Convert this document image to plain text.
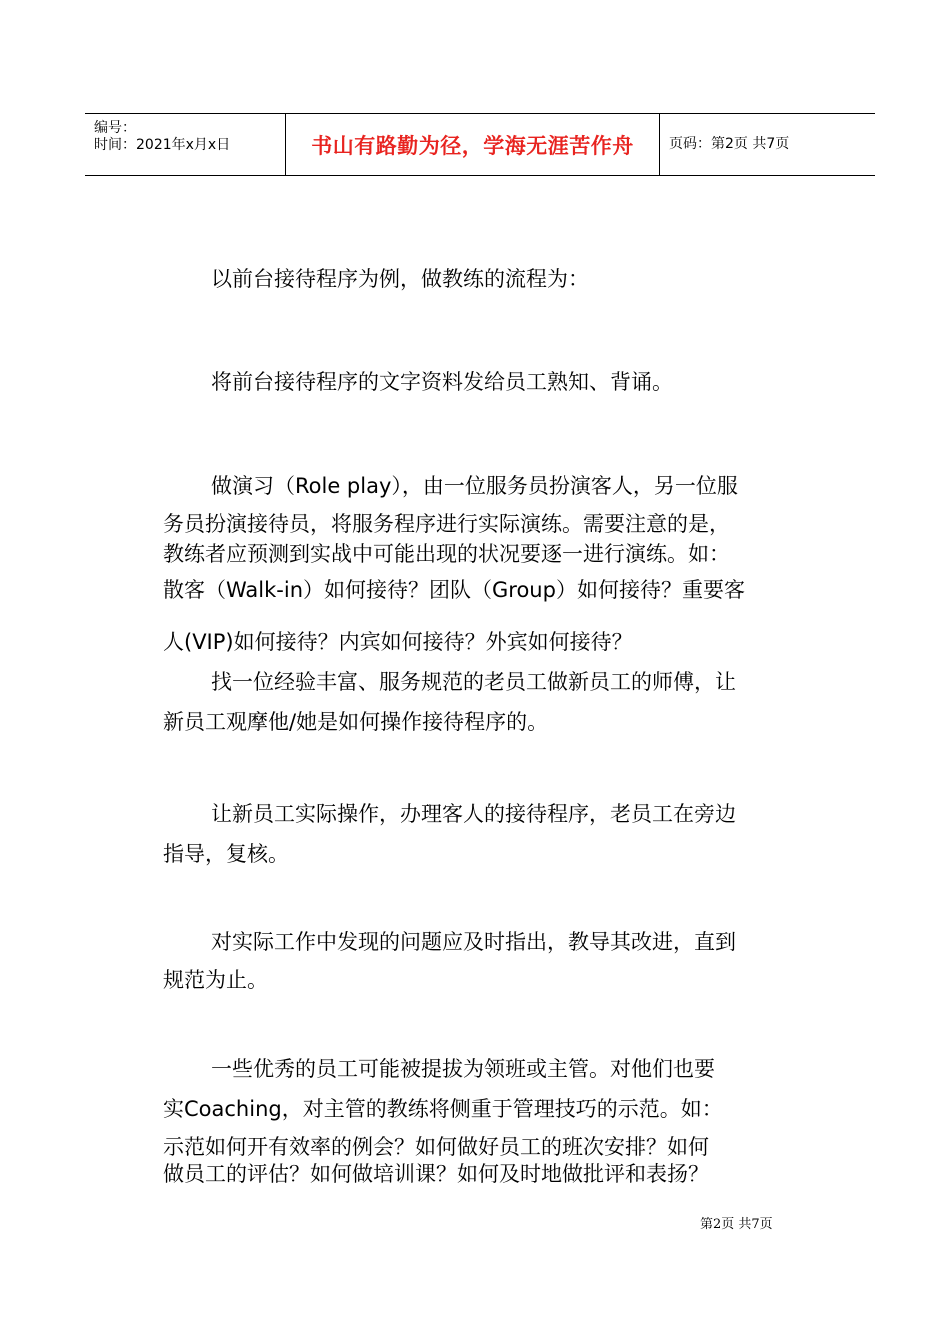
编号：
时间：2021年x月x日	书山有路勤为径，学海无涯苦作舟	页码：第2页 共7页
以前台接待程序为例，做教练的流程为：
将前台接待程序的文字资料发给员工熟知、背诵。
做演习（Role play），由一位服务员扮演客人，另一位服
务员扮演接待员，将服务程序进行实际演练。需要注意的是，
教练者应预测到实战中可能出现的状况要逐一进行演练。如：
散客（Walk-in）如何接待？团队（Group）如何接待？重要客
人(VIP)如何接待？内宾如何接待？外宾如何接待？
找一位经验丰富、服务规范的老员工做新员工的师傅，让
新员工观摩他/她是如何操作接待程序的。
让新员工实际操作，办理客人的接待程序，老员工在旁边
指导，复核。
对实际工作中发现的问题应及时指出，教导其改进，直到
规范为止。
一些优秀的员工可能被提拔为领班或主管。对他们也要
实Coaching，对主管的教练将侧重于管理技巧的示范。如：
示范如何开有效率的例会？如何做好员工的班次安排？如何
做员工的评估？如何做培训课？如何及时地做批评和表扬？
第2页 共7页
